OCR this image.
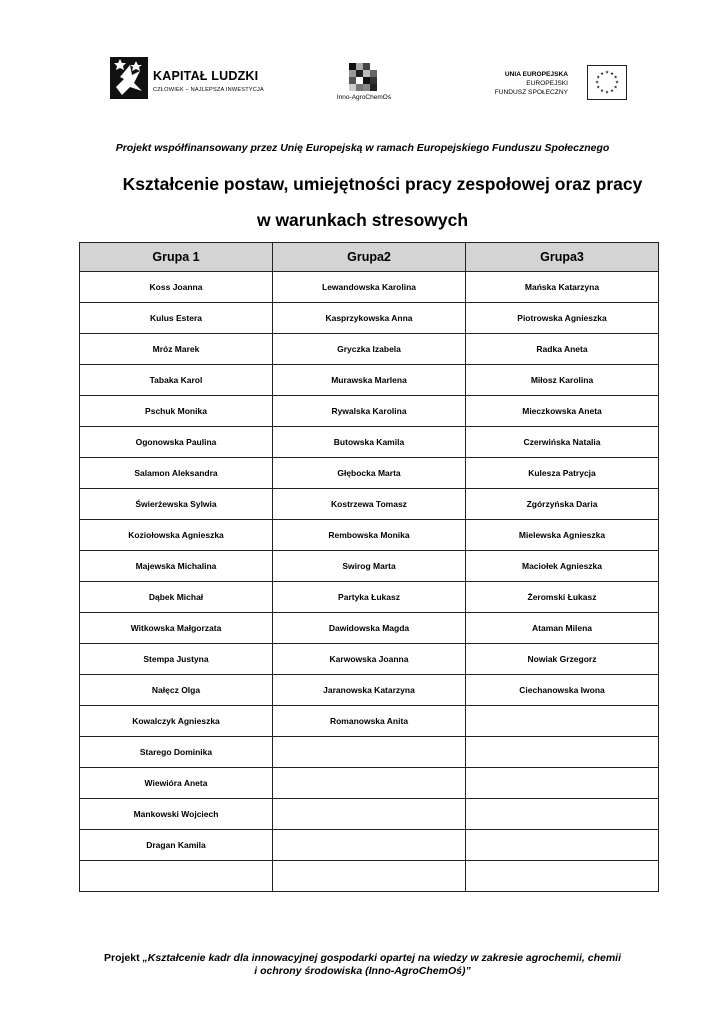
KAPITAŁ LUDZKI
CZŁOWIEK – NAJLEPSZA INWESTYCJA
Inno-AgroChemOś
UNIA EUROPEJSKA
EUROPEJSKI
FUNDUSZ SPOŁECZNY
★ ★
★
★
★
★
★
★
★
★
★
★
Projekt współfinansowany przez Unię Europejską w ramach Europejskiego Funduszu Społecznego
Kształcenie postaw, umiejętności pracy zespołowej oraz pracy
w warunkach stresowych
Grupa 1	Grupa2	Grupa3
Koss Joanna	Lewandowska Karolina	Mańska Katarzyna
Kulus Estera	Kasprzykowska Anna	Piotrowska Agnieszka
Mróz Marek	Gryczka Izabela	Radka Aneta
Tabaka Karol	Murawska Marlena	Miłosz Karolina
Pschuk Monika	Rywalska Karolina	Mieczkowska Aneta
Ogonowska Paulina	Butowska Kamila	Czerwińska Natalia
Salamon Aleksandra	Głębocka Marta	Kulesza Patrycja
Świerżewska Sylwia	Kostrzewa Tomasz	Zgórzyńska Daria
Koziołowska Agnieszka	Rembowska Monika	Mielewska Agnieszka
Majewska Michalina	Swirog Marta	Maciołek Agnieszka
Dąbek Michał	Partyka Łukasz	Żeromski Łukasz
Witkowska Małgorzata	Dawidowska Magda	Ataman Milena
Stempa Justyna	Karwowska Joanna	Nowiak Grzegorz
Nałęcz Olga	Jaranowska Katarzyna	Ciechanowska Iwona
Kowalczyk Agnieszka	Romanowska Anita	
Starego Dominika		
Wiewióra Aneta		
Mankowski Wojciech		
Dragan Kamila		

Projekt „Kształcenie kadr dla innowacyjnej gospodarki opartej na wiedzy w zakresie agrochemii, chemii
i ochrony środowiska (Inno-AgroChemOś)”
